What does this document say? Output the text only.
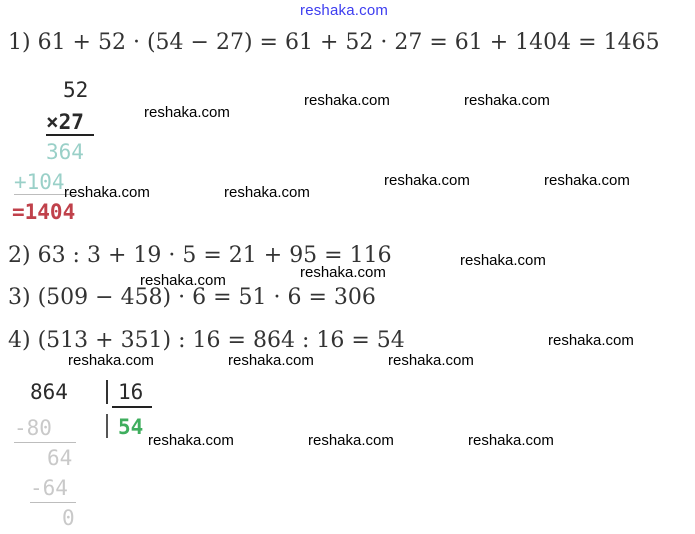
reshaka.com
1) 61 + 52 · (54 − 27) = 61 + 52 · 27 = 61 + 1404 = 1465
2) 63 : 3 + 19 · 5 = 21 + 95 = 116
3) (509 − 458) · 6 = 51 · 6 = 306
4) (513 + 351) : 16 = 864 : 16 = 54
52
×27
364
+104
=1404
864 16
54
-80
64
-64
0
reshaka.com
reshaka.com	reshaka.com
reshaka.com	reshaka.com
reshaka.com	reshaka.com
reshaka.com	reshaka.com
reshaka.com
reshaka.com	reshaka.com	reshaka.com
reshaka.com
reshaka.com	reshaka.com	reshaka.com
